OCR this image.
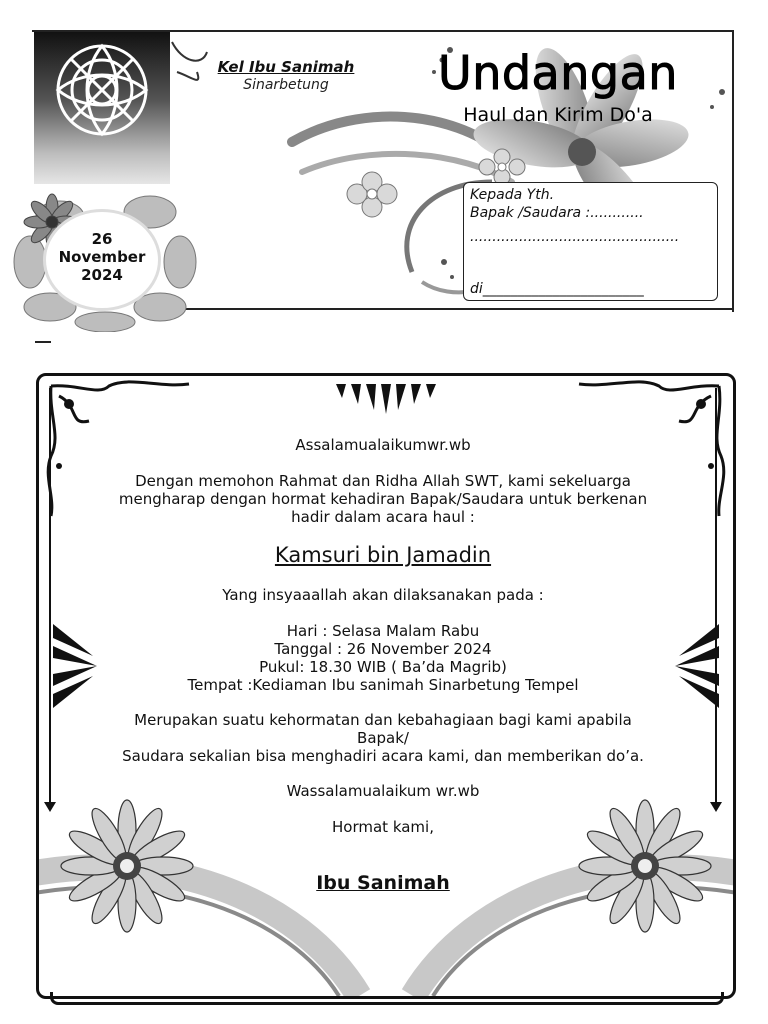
Kel Ibu Sanimah
Sinarbetung	Undangan
Haul dan Kirim Do'a
26
November
2024
Kepada Yth.
Bapak /Saudara :............
...............................................
di_______________________
Assalamualaikumwr.wb
Dengan memohon Rahmat dan Ridha Allah SWT, kami sekeluarga
mengharap dengan hormat kehadiran Bapak/Saudara untuk berkenan
hadir dalam acara haul :
Kamsuri bin Jamadin
Yang insyaaallah akan dilaksanakan pada :
Hari : Selasa Malam Rabu
Tanggal : 26 November 2024
Pukul: 18.30 WIB ( Ba’da Magrib)
Tempat :Kediaman Ibu sanimah Sinarbetung Tempel
Merupakan suatu kehormatan dan kebahagiaan bagi kami apabila
Bapak/
Saudara sekalian bisa menghadiri acara kami, dan memberikan do’a.
Wassalamualaikum wr.wb
Hormat kami,
Ibu Sanimah
